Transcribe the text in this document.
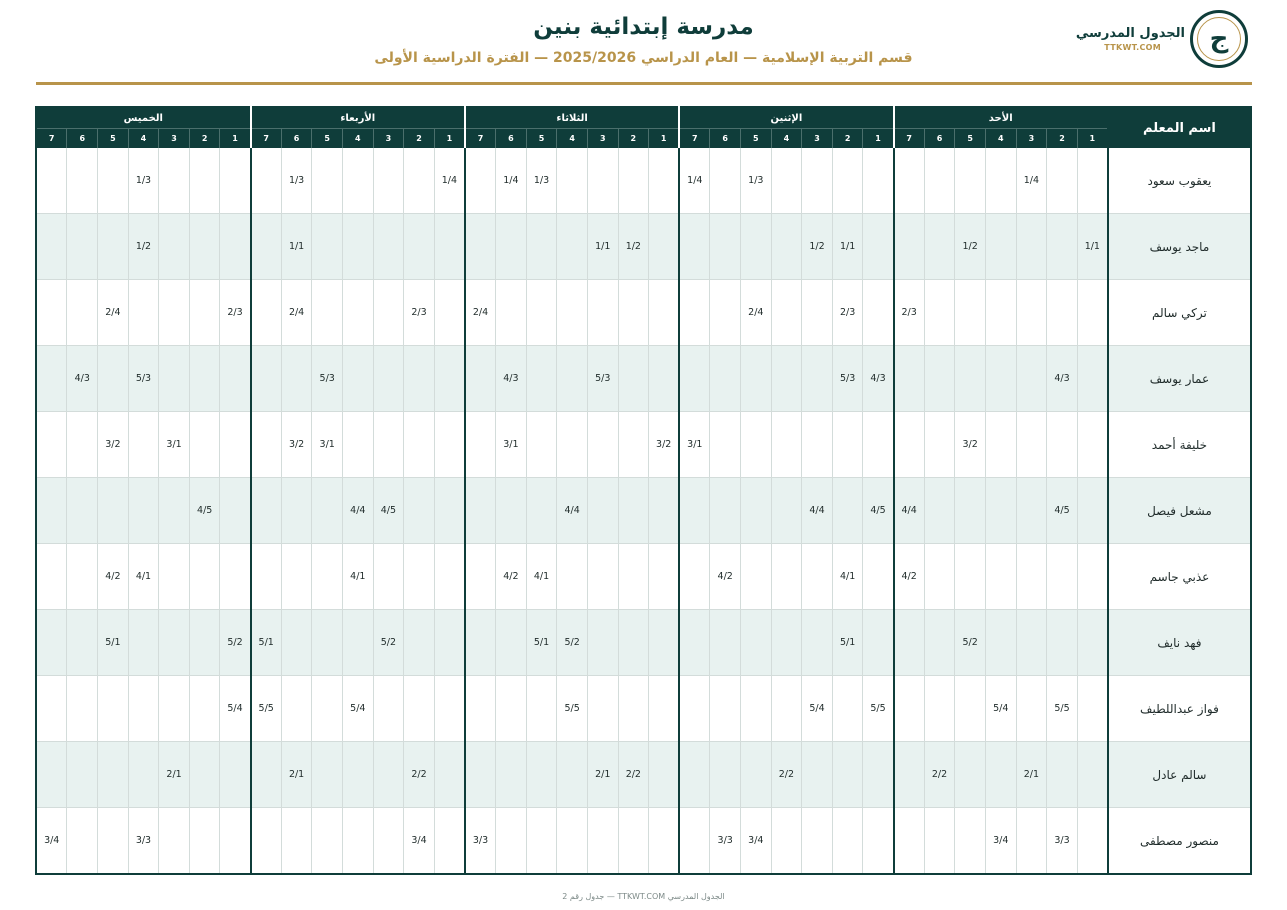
ج
الجدول المدرسي
TTKWT.COM
مدرسة إبتدائية بنين
قسم التربية الإسلامية — العام الدراسي 2025/2026 — الفترة الدراسية الأولى
اسم المعلم	الأحد							الإثنين							الثلاثاء							الأربعاء							الخميس						
	1	2	3	4	5	6	7	1	2	3	4	5	6	7	1	2	3	4	5	6	7	1	2	3	4	5	6	7	1	2	3	4	5	6	7
يعقوب سعود			1/4									1/3		1/4					1/3	1/4		1/4					1/3					1/3			
ماجد يوسف	1/1				1/2				1/1	1/2						1/2	1/1										1/1					1/2			
تركي سالم							2/3		2/3			2/4									2/4		2/3				2/4		2/3				2/4		
عمار يوسف		4/3						4/3	5/3								5/3			4/3						5/3						5/3		4/3	
خليفة أحمد					3/2									3/1	3/2					3/1						3/1	3/2				3/1		3/2		
مشعل فيصل		4/5					4/4	4/5		4/4								4/4						4/5	4/4					4/5					
عذبي جاسم							4/2		4/1				4/2						4/1	4/2					4/1							4/1	4/2		
فهد نايف					5/2				5/1									5/2	5/1					5/2				5/1	5/2				5/1		
فواز عبداللطيف		5/5		5/4				5/5		5/4								5/5							5/4			5/5	5/4						
سالم عادل			2/1			2/2					2/2					2/2	2/1						2/2				2/1				2/1				
منصور مصطفى		3/3		3/4								3/4	3/3								3/3		3/4									3/3			3/4
الجدول المدرسي TTKWT.COM — جدول رقم 2
